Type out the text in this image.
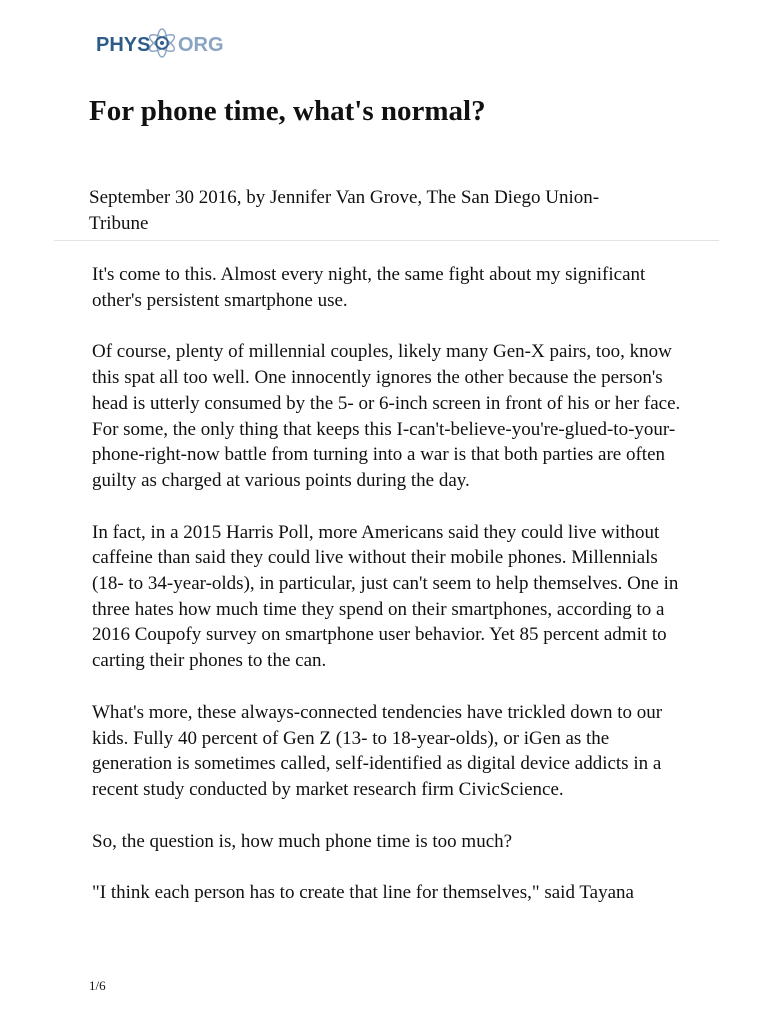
PHYS ORG
For phone time, what's normal?

September 30 2016, by Jennifer Van Grove, The San Diego Union-Tribune

It's come to this. Almost every night, the same fight about my significant other's persistent smartphone use.

Of course, plenty of millennial couples, likely many Gen-X pairs, too, know this spat all too well. One innocently ignores the other because the person's head is utterly consumed by the 5- or 6-inch screen in front of his or her face. For some, the only thing that keeps this I-can't-believe-you're-glued-to-your-phone-right-now battle from turning into a war is that both parties are often guilty as charged at various points during the day.

In fact, in a 2015 Harris Poll, more Americans said they could live without caffeine than said they could live without their mobile phones. Millennials (18- to 34-year-olds), in particular, just can't seem to help themselves. One in three hates how much time they spend on their smartphones, according to a 2016 Coupofy survey on smartphone user behavior. Yet 85 percent admit to carting their phones to the can.

What's more, these always-connected tendencies have trickled down to our kids. Fully 40 percent of Gen Z (13- to 18-year-olds), or iGen as the generation is sometimes called, self-identified as digital device addicts in a recent study conducted by market research firm CivicScience.

So, the question is, how much phone time is too much?

"I think each person has to create that line for themselves," said Tayana

1/6
